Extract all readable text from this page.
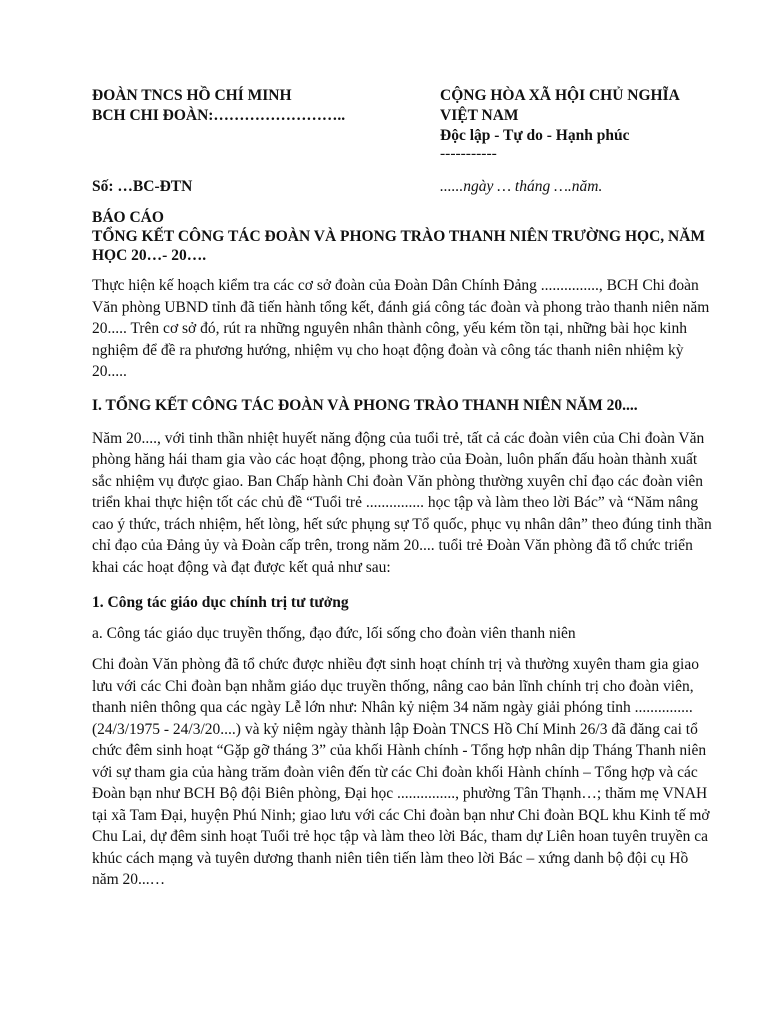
ĐOÀN TNCS HỒ CHÍ MINH
BCH CHI ĐOÀN:……………………..
CỘNG HÒA XÃ HỘI CHỦ NGHĨA VIỆT NAM
Độc lập - Tự do - Hạnh phúc
-----------
Số: …BC-ĐTN	......ngày … tháng ….năm.
BÁO CÁO
TỔNG KẾT CÔNG TÁC ĐOÀN VÀ PHONG TRÀO THANH NIÊN TRƯỜNG HỌC, NĂM HỌC 20…- 20….

Thực hiện kế hoạch kiểm tra các cơ sở đoàn của Đoàn Dân Chính Đảng ..............., BCH Chi đoàn Văn phòng UBND tỉnh đã tiến hành tổng kết, đánh giá công tác đoàn và phong trào thanh niên năm 20..... Trên cơ sở đó, rút ra những nguyên nhân thành công, yếu kém tồn tại, những bài học kinh nghiệm để đề ra phương hướng, nhiệm vụ cho hoạt động đoàn và công tác thanh niên nhiệm kỳ 20.....

I. TỔNG KẾT CÔNG TÁC ĐOÀN VÀ PHONG TRÀO THANH NIÊN NĂM 20....

Năm 20...., với tinh thần nhiệt huyết năng động của tuổi trẻ, tất cả các đoàn viên của Chi đoàn Văn phòng hăng hái tham gia vào các hoạt động, phong trào của Đoàn, luôn phấn đấu hoàn thành xuất sắc nhiệm vụ được giao. Ban Chấp hành Chi đoàn Văn phòng thường xuyên chỉ đạo các đoàn viên triển khai thực hiện tốt các chủ đề “Tuổi trẻ ............... học tập và làm theo lời Bác” và “Năm nâng cao ý thức, trách nhiệm, hết lòng, hết sức phụng sự Tổ quốc, phục vụ nhân dân” theo đúng tinh thần chỉ đạo của Đảng ủy và Đoàn cấp trên, trong năm 20.... tuổi trẻ Đoàn Văn phòng đã tổ chức triển khai các hoạt động và đạt được kết quả như sau:

1. Công tác giáo dục chính trị tư tưởng

a. Công tác giáo dục truyền thống, đạo đức, lối sống cho đoàn viên thanh niên

Chi đoàn Văn phòng đã tổ chức được nhiều đợt sinh hoạt chính trị và thường xuyên tham gia giao lưu với các Chi đoàn bạn nhằm giáo dục truyền thống, nâng cao bản lĩnh chính trị cho đoàn viên, thanh niên thông qua các ngày Lễ lớn như: Nhân kỷ niệm 34 năm ngày giải phóng tỉnh ............... (24/3/1975 - 24/3/20....) và kỷ niệm ngày thành lập Đoàn TNCS Hồ Chí Minh 26/3 đã đăng cai tổ chức đêm sinh hoạt “Gặp gỡ tháng 3” của khối Hành chính - Tổng hợp nhân dịp Tháng Thanh niên với sự tham gia của hàng trăm đoàn viên đến từ các Chi đoàn khối Hành chính – Tổng hợp và các Đoàn bạn như BCH Bộ đội Biên phòng, Đại học ..............., phường Tân Thạnh…; thăm mẹ VNAH tại xã Tam Đại, huyện Phú Ninh; giao lưu với các Chi đoàn bạn như Chi đoàn BQL khu Kinh tế mở Chu Lai, dự đêm sinh hoạt Tuổi trẻ học tập và làm theo lời Bác, tham dự Liên hoan tuyên truyền ca khúc cách mạng và tuyên dương thanh niên tiên tiến làm theo lời Bác – xứng danh bộ đội cụ Hồ năm 20...…
